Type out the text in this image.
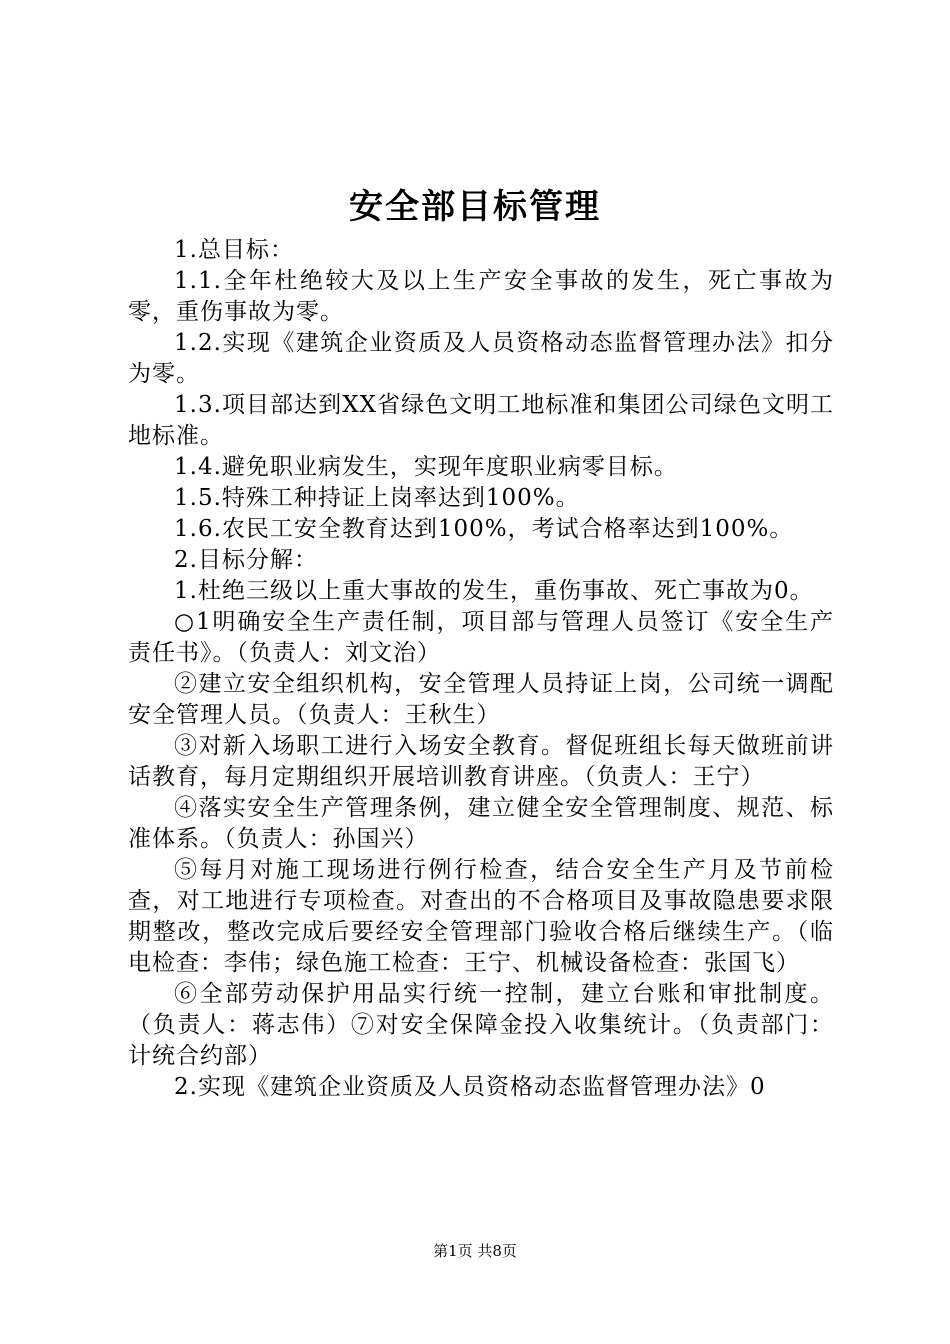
安全部目标管理

1.总目标：

1.1.全年杜绝较大及以上生产安全事故的发生，死亡事故为零，重伤事故为零。

1.2.实现《建筑企业资质及人员资格动态监督管理办法》扣分为零。

1.3.项目部达到XX省绿色文明工地标准和集团公司绿色文明工地标准。

1.4.避免职业病发生，实现年度职业病零目标。

1.5.特殊工种持证上岗率达到100%。

1.6.农民工安全教育达到100%，考试合格率达到100%。

2.目标分解：

1.杜绝三级以上重大事故的发生，重伤事故、死亡事故为0。

○1明确安全生产责任制，项目部与管理人员签订《安全生产责任书》。（负责人：刘文治）

②建立安全组织机构，安全管理人员持证上岗，公司统一调配安全管理人员。（负责人：王秋生）

③对新入场职工进行入场安全教育。督促班组长每天做班前讲话教育，每月定期组织开展培训教育讲座。（负责人：王宁）

④落实安全生产管理条例，建立健全安全管理制度、规范、标准体系。（负责人：孙国兴）

⑤每月对施工现场进行例行检查，结合安全生产月及节前检查，对工地进行专项检查。对查出的不合格项目及事故隐患要求限期整改，整改完成后要经安全管理部门验收合格后继续生产。（临电检查：李伟；绿色施工检查：王宁、机械设备检查：张国飞）

⑥全部劳动保护用品实行统一控制，建立台账和审批制度。（负责人：蒋志伟）⑦对安全保障金投入收集统计。（负责部门：计统合约部）

2.实现《建筑企业资质及人员资格动态监督管理办法》0

第1页 共8页
